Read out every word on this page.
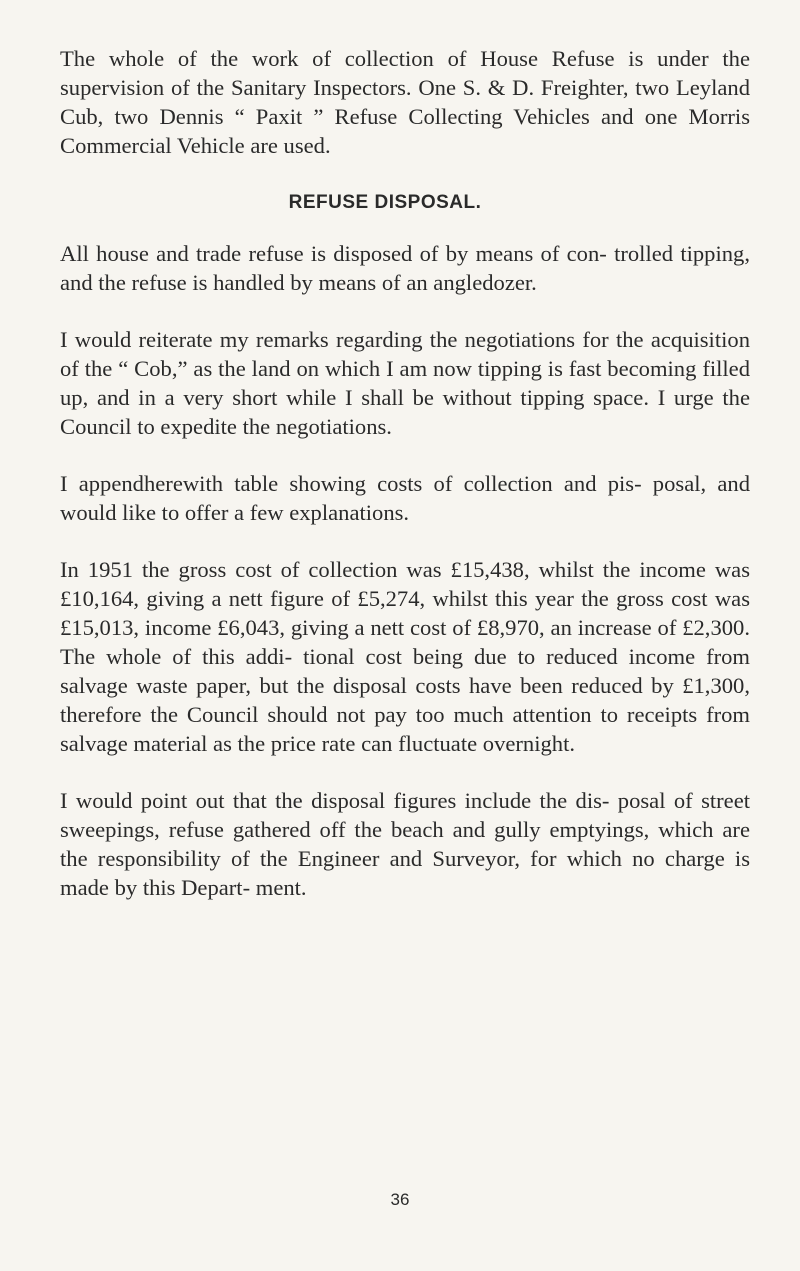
The whole of the work of collection of House Refuse is under the supervision of the Sanitary Inspectors. One S. & D. Freighter, two Leyland Cub, two Dennis “ Paxit ” Refuse Collecting Vehicles and one Morris Commercial Vehicle are used.

REFUSE DISPOSAL.

All house and trade refuse is disposed of by means of con- trolled tipping, and the refuse is handled by means of an angledozer.

I would reiterate my remarks regarding the negotiations for the acquisition of the “ Cob,” as the land on which I am now tipping is fast becoming filled up, and in a very short while I shall be without tipping space. I urge the Council to expedite the negotiations.

I appendherewith table showing costs of collection and pis- posal, and would like to offer a few explanations.

In 1951 the gross cost of collection was £15,438, whilst the income was £10,164, giving a nett figure of £5,274, whilst this year the gross cost was £15,013, income £6,043, giving a nett cost of £8,970, an increase of £2,300. The whole of this addi- tional cost being due to reduced income from salvage waste paper, but the disposal costs have been reduced by £1,300, therefore the Council should not pay too much attention to receipts from salvage material as the price rate can fluctuate overnight.

I would point out that the disposal figures include the dis- posal of street sweepings, refuse gathered off the beach and gully emptyings, which are the responsibility of the Engineer and Surveyor, for which no charge is made by this Depart- ment.

36
